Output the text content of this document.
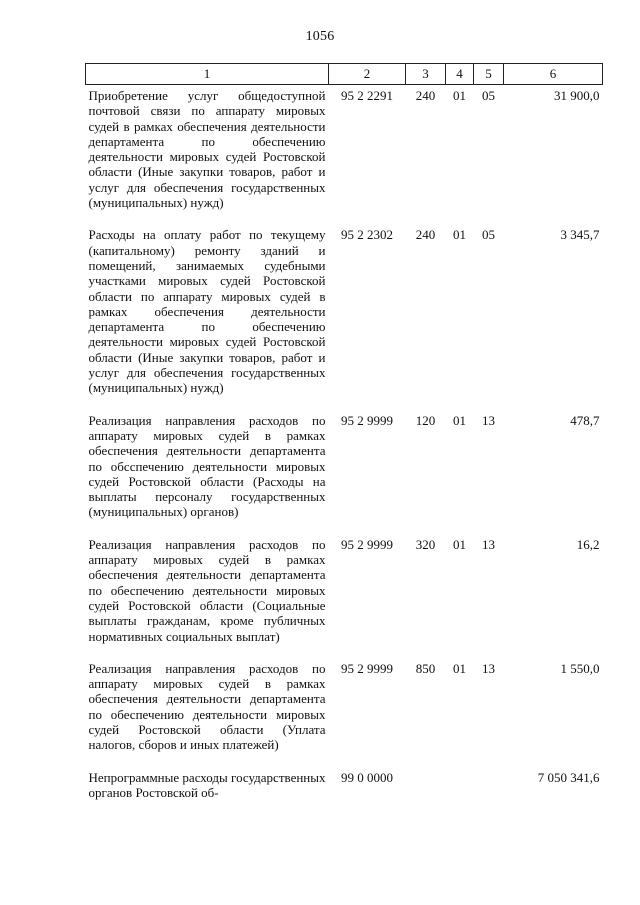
1056
1	2	3	4	5	6
Приобретение услуг общедоступной почтовой связи по аппарату мировых судей в рамках обеспечения деятельности департамента по обеспечению деятельности мировых судей Ростовской области (Иные закупки товаров, работ и услуг для обеспечения государственных (муниципальных) нужд)	95 2 2291	240	01	05	31 900,0
Расходы на оплату работ по текущему (капитальному) ремонту зданий и помещений, занимаемых судебными участками мировых судей Ростовской области по аппарату мировых судей в рамках обеспечения деятельности департамента по обеспечению деятельности мировых судей Ростовской области (Иные закупки товаров, работ и услуг для обеспечения государственных (муниципальных) нужд)	95 2 2302	240	01	05	3 345,7
Реализация направления расходов по аппарату мировых судей в рамках обеспечения деятельности департамента по обсспечению деятельности мировых судей Ростовской области (Расходы на выплаты персоналу государственных (муниципальных) органов)	95 2 9999	120	01	13	478,7
Реализация направления расходов по аппарату мировых судей в рамках обеспечения деятельности департамента по обеспечению деятельности мировых судей Ростовской области (Социальные выплаты гражданам, кроме публичных нормативных социальных выплат)	95 2 9999	320	01	13	16,2
Реализация направления расходов по аппарату мировых судей в рамках обеспечения деятельности департамента по обеспечению деятельности мировых судей Ростовской области (Уплата налогов, сборов и иных платежей)	95 2 9999	850	01	13	1 550,0
Непрограммные расходы государственных органов Ростовской об-	99 0 0000				7 050 341,6
